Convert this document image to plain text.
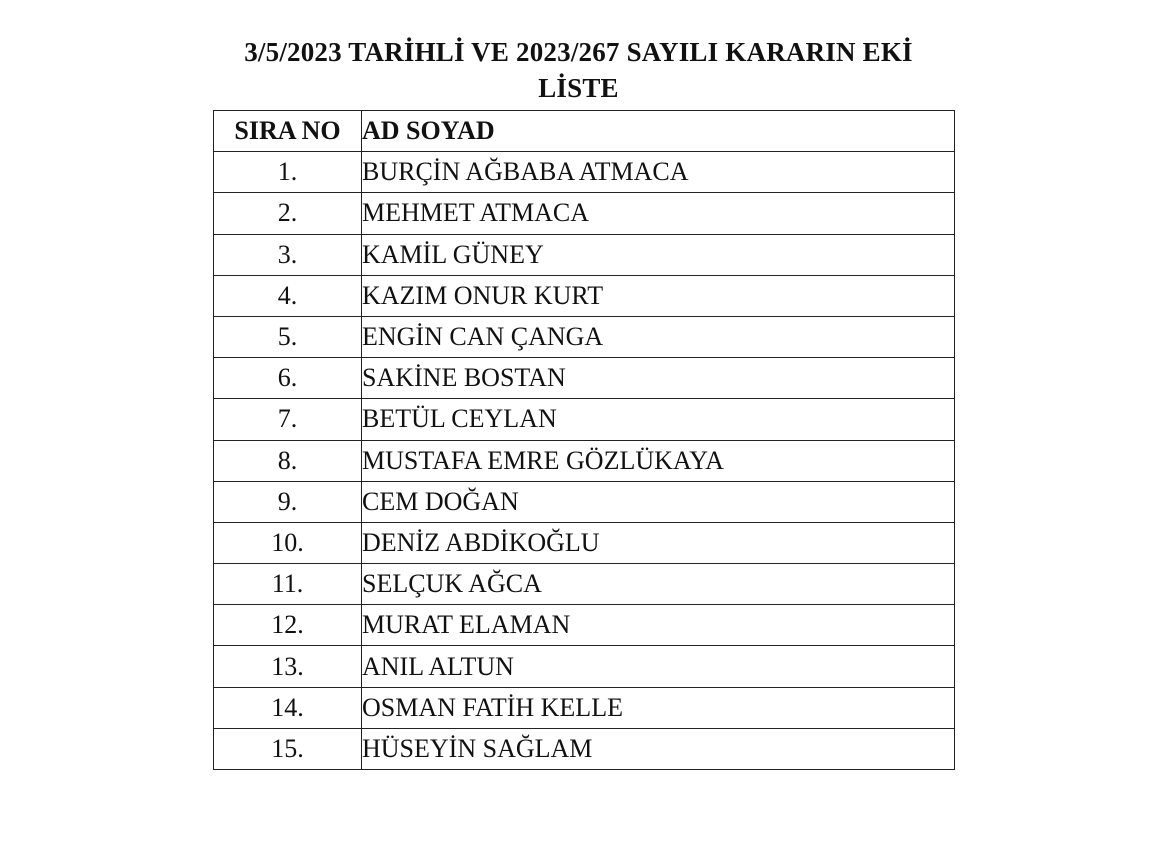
3/5/2023 TARİHLİ VE 2023/267 SAYILI KARARIN EKİ
LİSTE
SIRA NO	AD SOYAD
1.	BURÇİN AĞBABA ATMACA
2.	MEHMET ATMACA
3.	KAMİL GÜNEY
4.	KAZIM ONUR KURT
5.	ENGİN CAN ÇANGA
6.	SAKİNE BOSTAN
7.	BETÜL CEYLAN
8.	MUSTAFA EMRE GÖZLÜKAYA
9.	CEM DOĞAN
10.	DENİZ ABDİKOĞLU
11.	SELÇUK AĞCA
12.	MURAT ELAMAN
13.	ANIL ALTUN
14.	OSMAN FATİH KELLE
15.	HÜSEYİN SAĞLAM
